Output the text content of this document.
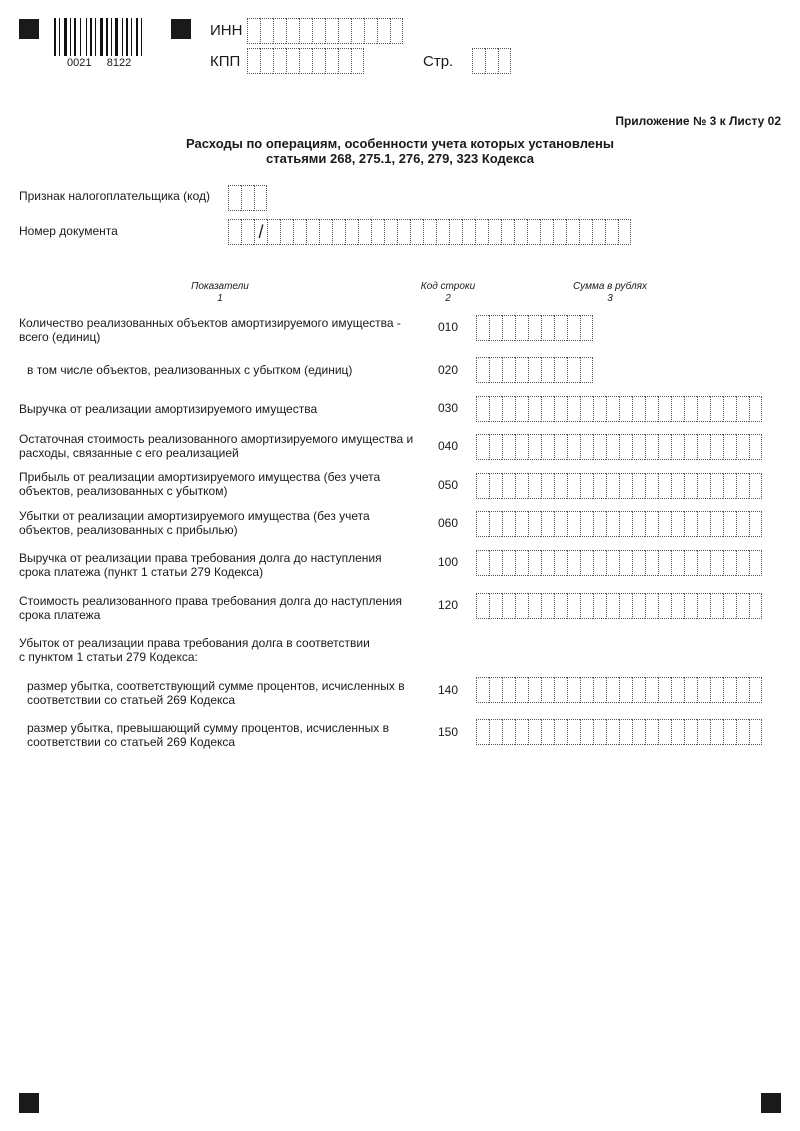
0021     8122
ИНН
КПП	Стр.
Приложение № 3 к Листу 02
Расходы по операциям, особенности учета которых установлены
статьями 268, 275.1, 276, 279, 323 Кодекса
Признак налогоплательщика (код)
Номер документа	/
Показатели
1
Код строки
2
Сумма в рублях
3
Количество реализованных объектов амортизируемого имущества -
всего (единиц)
010
в том числе объектов, реализованных с убытком (единиц)	020
Выручка от реализации амортизируемого имущества	030
Остаточная стоимость реализованного амортизируемого имущества и
расходы, связанные с его реализацией	040
Прибыль от реализации амортизируемого имущества (без учета
объектов, реализованных с убытком)	050
Убытки от реализации амортизируемого имущества (без учета
объектов, реализованных с прибылью)	060
Выручка от реализации права требования долга до наступления
срока платежа (пункт 1 статьи 279 Кодекса)
100
Стоимость реализованного права требования долга до наступления
срока платежа
120
Убыток от реализации права требования долга в соответствии
с пунктом 1 статьи 279 Кодекса:
размер убытка, соответствующий сумме процентов, исчисленных в
соответствии со статьей 269 Кодекса
140
размер убытка, превышающий сумму процентов, исчисленных в
соответствии со статьей 269 Кодекса
150
